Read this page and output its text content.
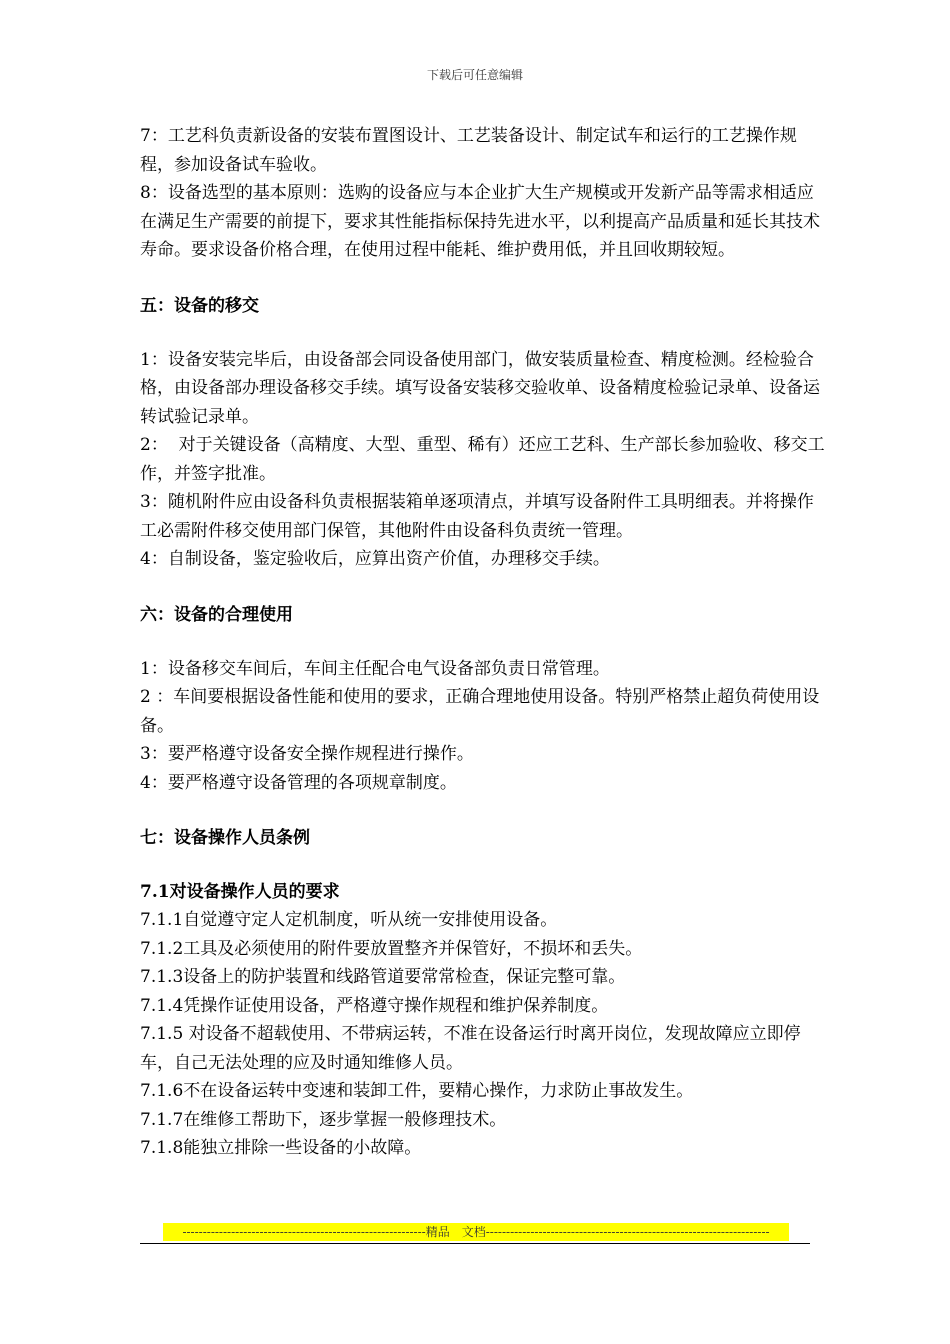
下载后可任意编辑

7：工艺科负责新设备的安装布置图设计、工艺装备设计、制定试车和运行的工艺操作规程，参加设备试车验收。

8：设备选型的基本原则：选购的设备应与本企业扩大生产规模或开发新产品等需求相适应在满足生产需要的前提下，要求其性能指标保持先进水平，以利提高产品质量和延长其技术寿命。要求设备价格合理，在使用过程中能耗、维护费用低，并且回收期较短。

五：设备的移交

1：设备安装完毕后，由设备部会同设备使用部门，做安装质量检查、精度检测。经检验合格，由设备部办理设备移交手续。填写设备安装移交验收单、设备精度检验记录单、设备运转试验记录单。

2：  对于关键设备（高精度、大型、重型、稀有）还应工艺科、生产部长参加验收、移交工作，并签字批准。

3：随机附件应由设备科负责根据装箱单逐项清点，并填写设备附件工具明细表。并将操作工必需附件移交使用部门保管，其他附件由设备科负责统一管理。

4：自制设备，鉴定验收后，应算出资产价值，办理移交手续。

六：设备的合理使用

1：设备移交车间后，车间主任配合电气设备部负责日常管理。

2 ：车间要根据设备性能和使用的要求，正确合理地使用设备。特别严格禁止超负荷使用设备。

3：要严格遵守设备安全操作规程进行操作。

4：要严格遵守设备管理的各项规章制度。

七：设备操作人员条例

7.1对设备操作人员的要求

7.1.1自觉遵守定人定机制度，听从统一安排使用设备。

7.1.2工具及必须使用的附件要放置整齐并保管好，不损坏和丢失。

7.1.3设备上的防护装置和线路管道要常常检查，保证完整可靠。

7.1.4凭操作证使用设备，严格遵守操作规程和维护保养制度。

7.1.5 对设备不超载使用、不带病运转，不准在设备运行时离开岗位，发现故障应立即停车，自己无法处理的应及时通知维修人员。

7.1.6不在设备运转中变速和装卸工件，要精心操作，力求防止事故发生。

7.1.7在维修工帮助下，逐步掌握一般修理技术。

7.1.8能独立排除一些设备的小故障。

------------------------------------------------------------精品　文档----------------------------------------------------------------------
